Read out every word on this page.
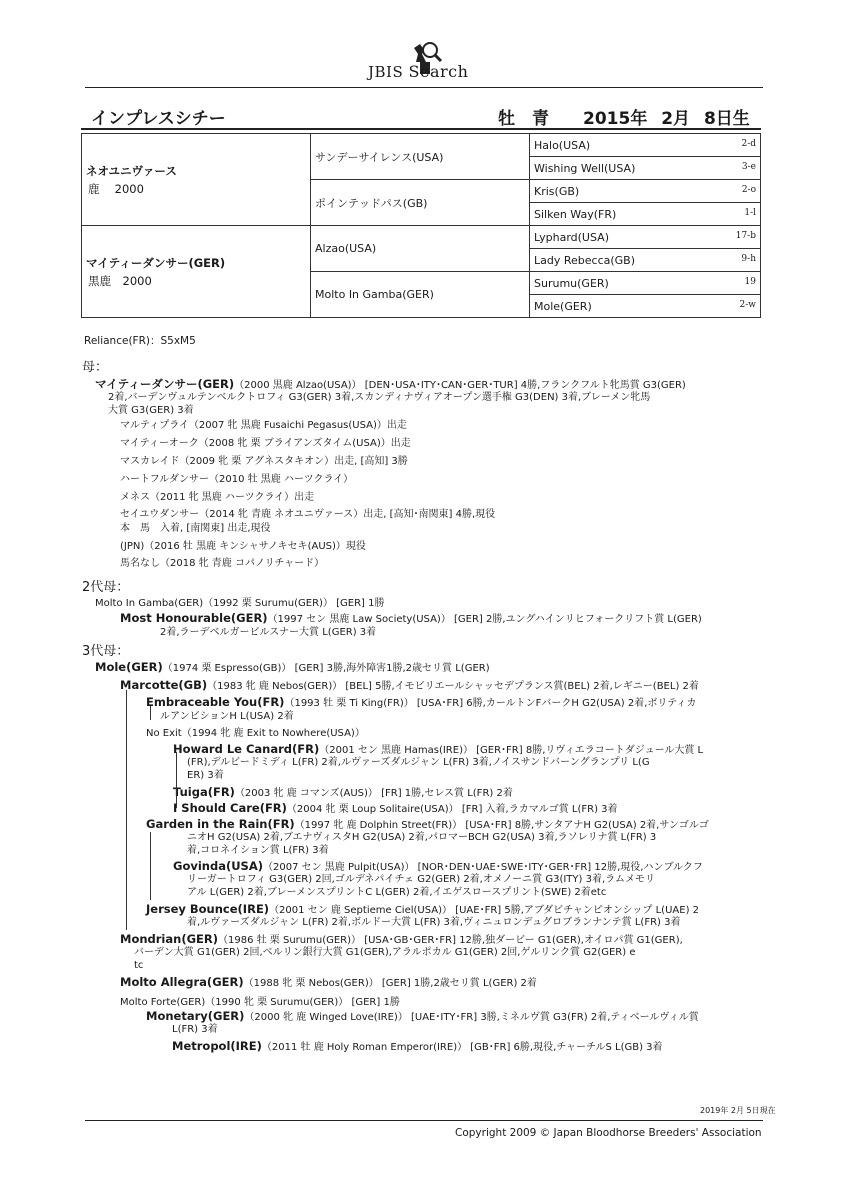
JBIS Search
インプレスシチー	牡　青　　2015年 2月 8日生
ネオユニヴァース
鹿　 2000	サンデーサイレンス(USA)	Halo(USA) 2-d

		Wishing Well(USA) 3-e

	ポインテッドパス(GB)	Kris(GB) 2-o

		Silken Way(FR) 1-l

マイティーダンサー(GER)
黒鹿　2000	Alzao(USA)	Lyphard(USA) 17-b

		Lady Rebecca(GB) 9-h

	Molto In Gamba(GER)	Surumu(GER) 19

		Mole(GER) 2-w
Reliance(FR)：S5xM5
母：
2代母：
3代母：
マイティーダンサー(GER)（2000 黒鹿 Alzao(USA)） [DEN･USA･ITY･CAN･GER･TUR] 4勝,フランクフルト牝馬賞 G3(GER)
2着,バーデンヴュルテンベルクトロフィ G3(GER) 3着,スカンディナヴィアオープン選手権 G3(DEN) 3着,ブレーメン牝馬
大賞 G3(GER) 3着
マルティプライ（2007 牝 黒鹿 Fusaichi Pegasus(USA)）出走
マイティーオーク（2008 牝 栗 ブライアンズタイム(USA)）出走
マスカレイド（2009 牝 栗 アグネスタキオン）出走, [高知] 3勝
ハートフルダンサー（2010 牡 黒鹿 ハーツクライ）
メネス（2011 牝 黒鹿 ハーツクライ）出走
セイユウダンサー（2014 牝 青鹿 ネオユニヴァース）出走, [高知･南関東] 4勝,現役
本　馬　入着, [南関東] 出走,現役
(JPN)（2016 牡 黒鹿 キンシャサノキセキ(AUS)）現役
馬名なし（2018 牝 青鹿 コパノリチャード）
Molto In Gamba(GER)（1992 栗 Surumu(GER)） [GER] 1勝
Most Honourable(GER)（1997 セン 黒鹿 Law Society(USA)） [GER] 2勝,ユングハインリヒフォークリフト賞 L(GER)
2着,ラーデベルガービルスナー大賞 L(GER) 3着
Mole(GER)（1974 栗 Espresso(GB)） [GER] 3勝,海外障害1勝,2歳セリ賞 L(GER)
Marcotte(GB)（1983 牝 鹿 Nebos(GER)） [BEL] 5勝,イモビリエールシャッセデプランス賞(BEL) 2着,レギニー(BEL) 2着
Embraceable You(FR)（1993 牡 栗 Ti King(FR)） [USA･FR] 6勝,カールトンFバークH G2(USA) 2着,ボリティカ
ルアンビションH L(USA) 2着
No Exit（1994 牝 鹿 Exit to Nowhere(USA)）
Howard Le Canard(FR)（2001 セン 黒鹿 Hamas(IRE)） [GER･FR] 8勝,リヴィエラコートダジュール大賞 L
(FR),デルビードミディ L(FR) 2着,ルヴァーズダルジャン L(FR) 3着,ノイスサンドバーングランプリ L(G
ER) 3着
Tuiga(FR)（2003 牝 鹿 コマンズ(AUS)） [FR] 1勝,セレス賞 L(FR) 2着
I Should Care(FR)（2004 牝 栗 Loup Solitaire(USA)） [FR] 入着,ラカマルゴ賞 L(FR) 3着
Garden in the Rain(FR)（1997 牝 鹿 Dolphin Street(FR)） [USA･FR] 8勝,サンタアナH G2(USA) 2着,サンゴルゴ
ニオH G2(USA) 2着,ブエナヴィスタH G2(USA) 2着,パロマーBCH G2(USA) 3着,ラソレリナ賞 L(FR) 3
着,コロネイション賞 L(FR) 3着
Govinda(USA)（2007 セン 黒鹿 Pulpit(USA)） [NOR･DEN･UAE･SWE･ITY･GER･FR] 12勝,現役,ハンブルクフ
リーガートロフィ G3(GER) 2回,ゴルデネパイチェ G2(GER) 2着,オメノーニ賞 G3(ITY) 3着,ラムメモリ
アル L(GER) 2着,ブレーメンスプリントC L(GER) 2着,イエゲスロースプリント(SWE) 2着etc
Jersey Bounce(IRE)（2001 セン 鹿 Septieme Ciel(USA)） [UAE･FR] 5勝,アブダビチャンピオンシップ L(UAE) 2
着,ルヴァーズダルジャン L(FR) 2着,ボルドー大賞 L(FR) 3着,ヴィニュロンデュグロブランナンテ賞 L(FR) 3着
Mondrian(GER)（1986 牡 栗 Surumu(GER)） [USA･GB･GER･FR] 12勝,独ダービー G1(GER),オイロパ賞 G1(GER),
バーデン大賞 G1(GER) 2回,ベルリン銀行大賞 G1(GER),アラルポカル G1(GER) 2回,ゲルリンク賞 G2(GER) e
tc
Molto Allegra(GER)（1988 牝 栗 Nebos(GER)） [GER] 1勝,2歳セリ賞 L(GER) 2着
Molto Forte(GER)（1990 牝 栗 Surumu(GER)） [GER] 1勝
Monetary(GER)（2000 牝 鹿 Winged Love(IRE)） [UAE･ITY･FR] 3勝,ミネルヴ賞 G3(FR) 2着,ティベールヴィル賞
L(FR) 3着
Metropol(IRE)（2011 牡 鹿 Holy Roman Emperor(IRE)） [GB･FR] 6勝,現役,チャーチルS L(GB) 3着
2019年 2月 5日現在
Copyright 2009 © Japan Bloodhorse Breeders' Association
